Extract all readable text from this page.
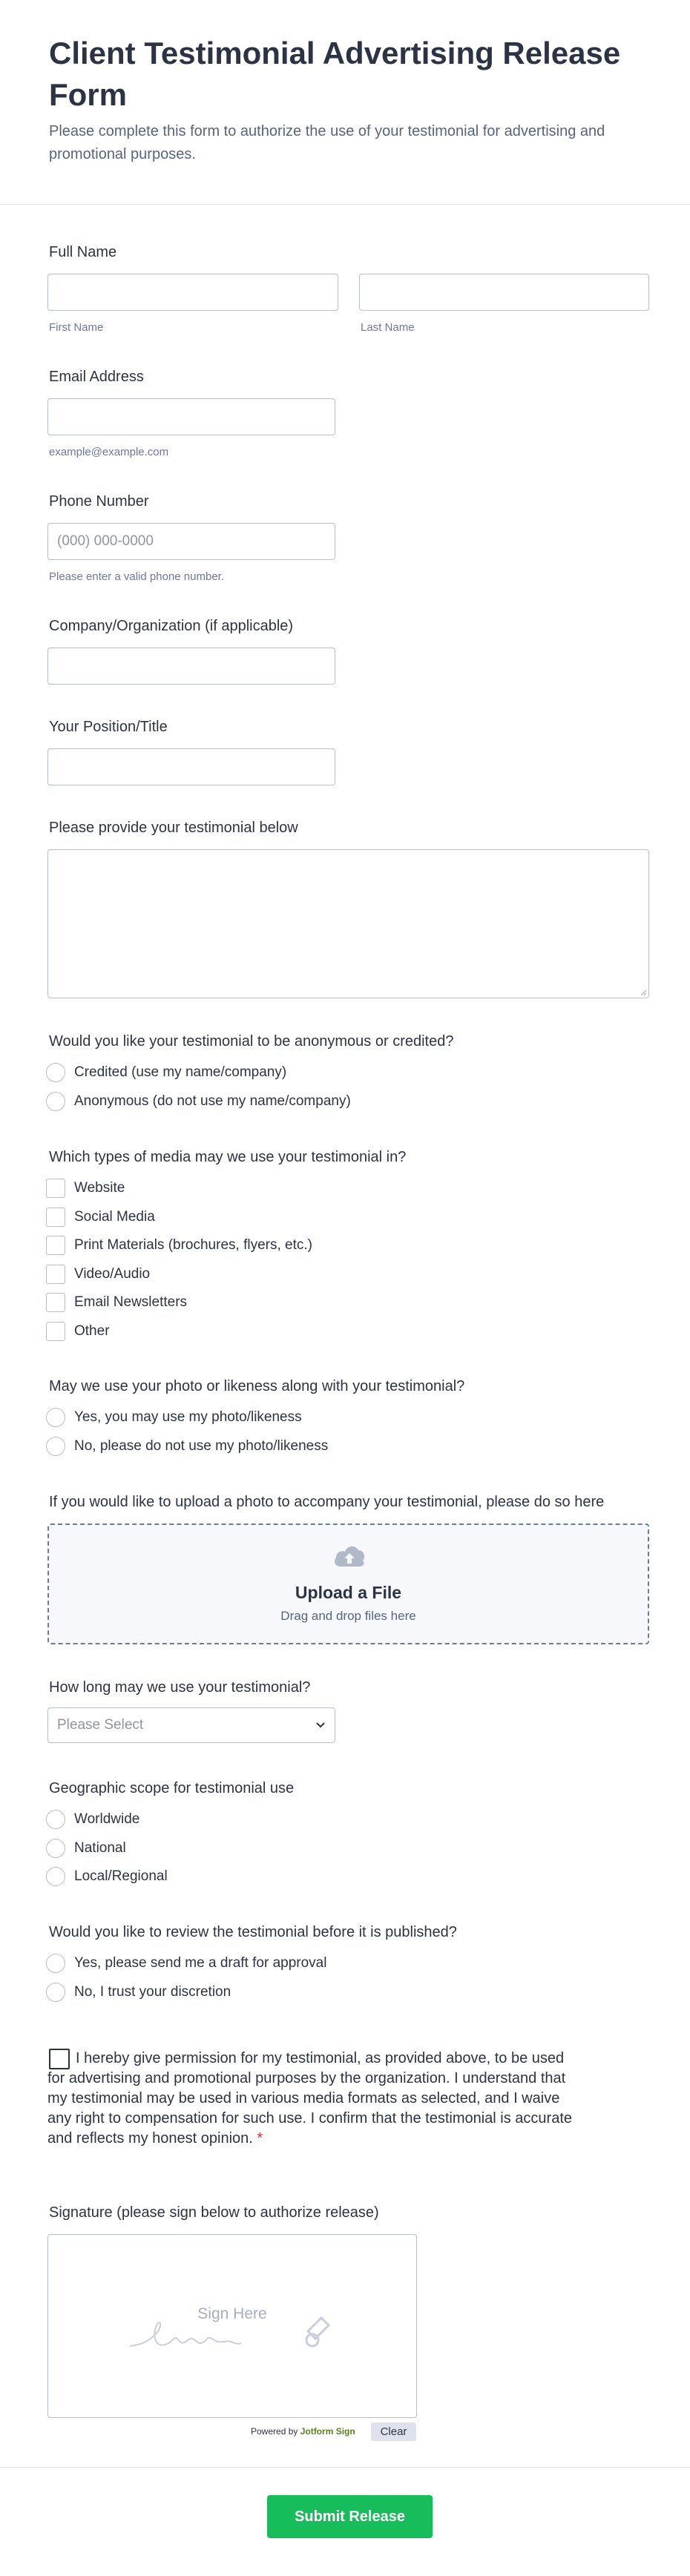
Client Testimonial Advertising Release Form
Please complete this form to authorize the use of your testimonial for advertising and promotional purposes.
Full Name
First Name	Last Name
Email Address
example@example.com
Phone Number
(000) 000-0000
Please enter a valid phone number.
Company/Organization (if applicable)
Your Position/Title
Please provide your testimonial below
Would you like your testimonial to be anonymous or credited?
Credited (use my name/company)
Anonymous (do not use my name/company)
Which types of media may we use your testimonial in?
Website
Social Media
Print Materials (brochures, flyers, etc.)
Video/Audio
Email Newsletters
Other
May we use your photo or likeness along with your testimonial?
Yes, you may use my photo/likeness
No, please do not use my photo/likeness
If you would like to upload a photo to accompany your testimonial, please do so here
Upload a File
Drag and drop files here
How long may we use your testimonial?
Please Select
Geographic scope for testimonial use
Worldwide
National
Local/Regional
Would you like to review the testimonial before it is published?
Yes, please send me a draft for approval
No, I trust your discretion
I hereby give permission for my testimonial, as provided above, to be used for advertising and promotional purposes by the organization. I understand that my testimonial may be used in various media formats as selected, and I waive any right to compensation for such use. I confirm that the testimonial is accurate and reflects my honest opinion. *
Signature (please sign below to authorize release)
Sign Here
Powered by Jotform Sign	Clear
Submit Release
